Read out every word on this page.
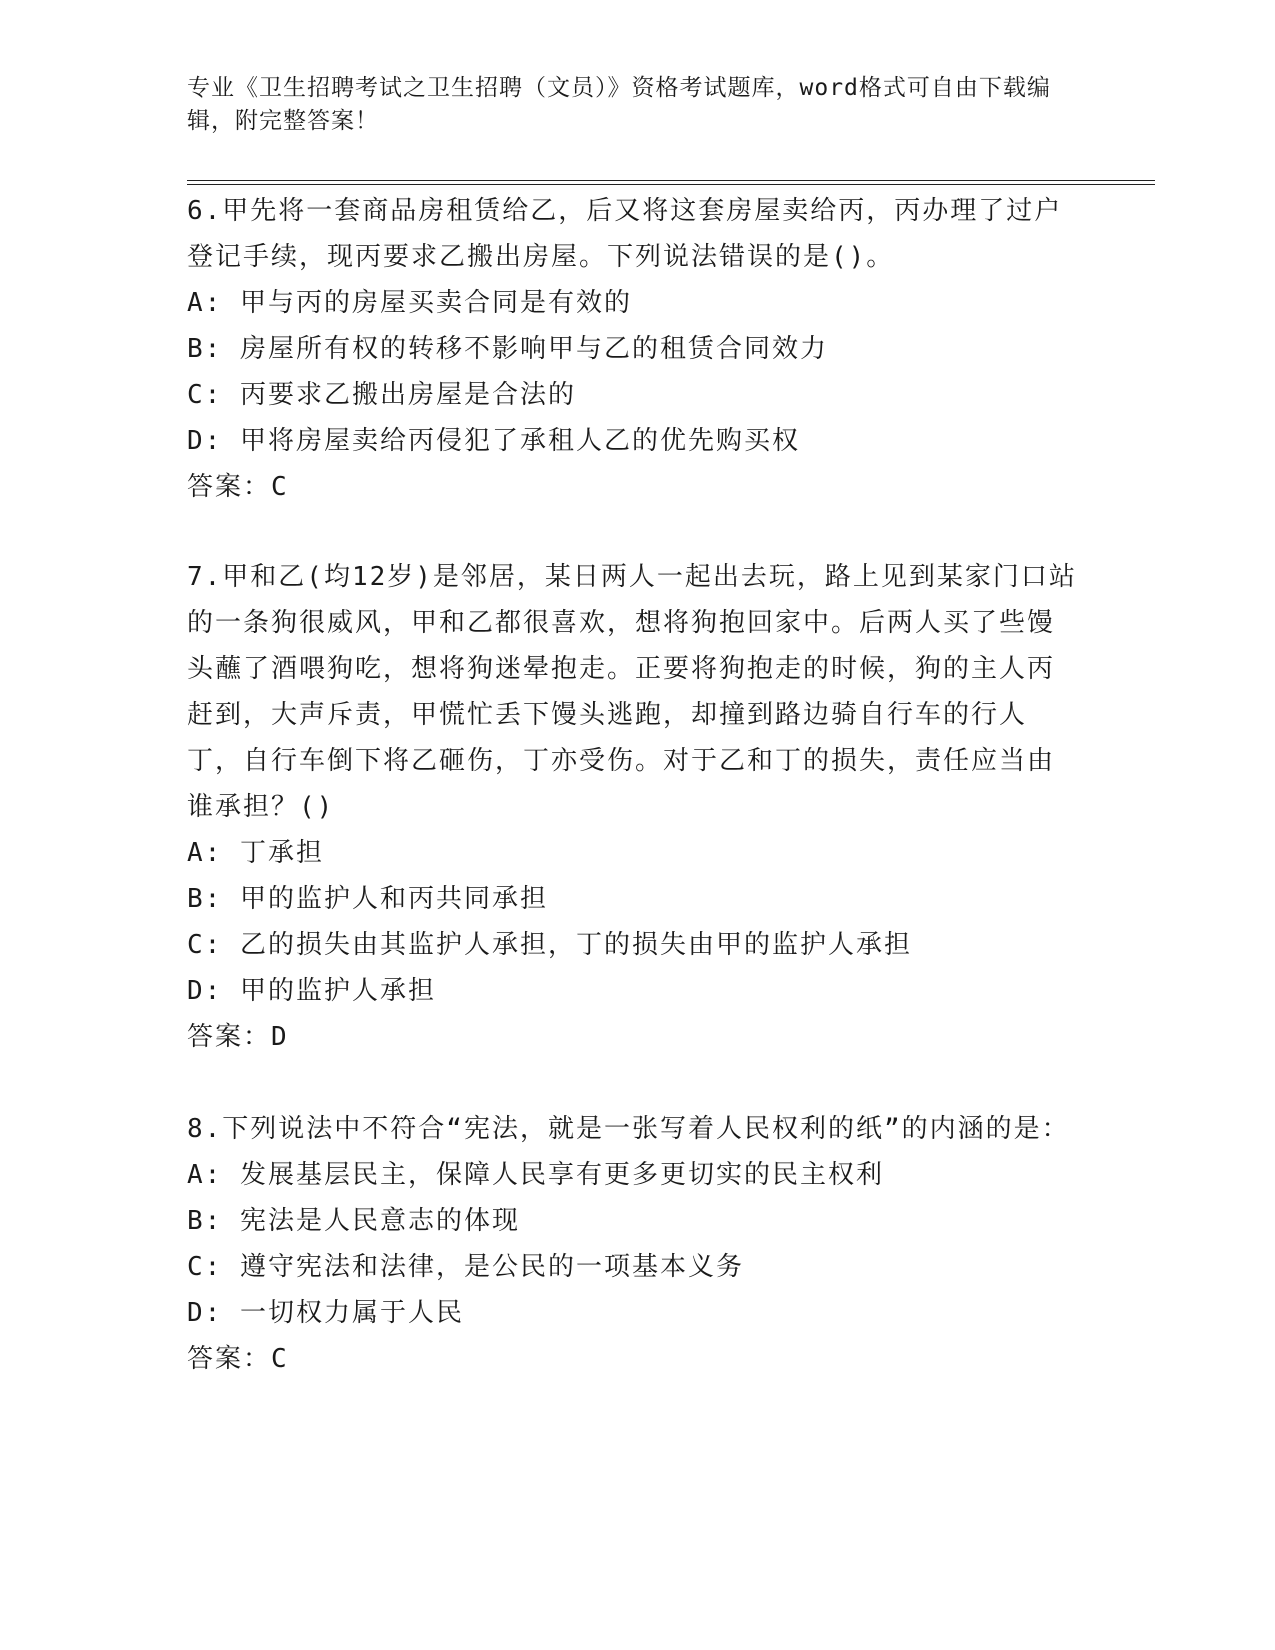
专业《卫生招聘考试之卫生招聘（文员）》资格考试题库，word格式可自由下载编辑，附完整答案！
6.甲先将一套商品房租赁给乙，后又将这套房屋卖给丙，丙办理了过户登记手续，现丙要求乙搬出房屋。下列说法错误的是()。
A: 甲与丙的房屋买卖合同是有效的
B: 房屋所有权的转移不影响甲与乙的租赁合同效力
C: 丙要求乙搬出房屋是合法的
D: 甲将房屋卖给丙侵犯了承租人乙的优先购买权
答案：C
7.甲和乙(均12岁)是邻居，某日两人一起出去玩，路上见到某家门口站的一条狗很威风，甲和乙都很喜欢，想将狗抱回家中。后两人买了些馒头蘸了酒喂狗吃，想将狗迷晕抱走。正要将狗抱走的时候，狗的主人丙赶到，大声斥责，甲慌忙丢下馒头逃跑，却撞到路边骑自行车的行人丁，自行车倒下将乙砸伤，丁亦受伤。对于乙和丁的损失，责任应当由谁承担？()
A: 丁承担
B: 甲的监护人和丙共同承担
C: 乙的损失由其监护人承担，丁的损失由甲的监护人承担
D: 甲的监护人承担
答案：D
8.下列说法中不符合“宪法，就是一张写着人民权利的纸”的内涵的是：
A: 发展基层民主，保障人民享有更多更切实的民主权利
B: 宪法是人民意志的体现
C: 遵守宪法和法律，是公民的一项基本义务
D: 一切权力属于人民
答案：C
